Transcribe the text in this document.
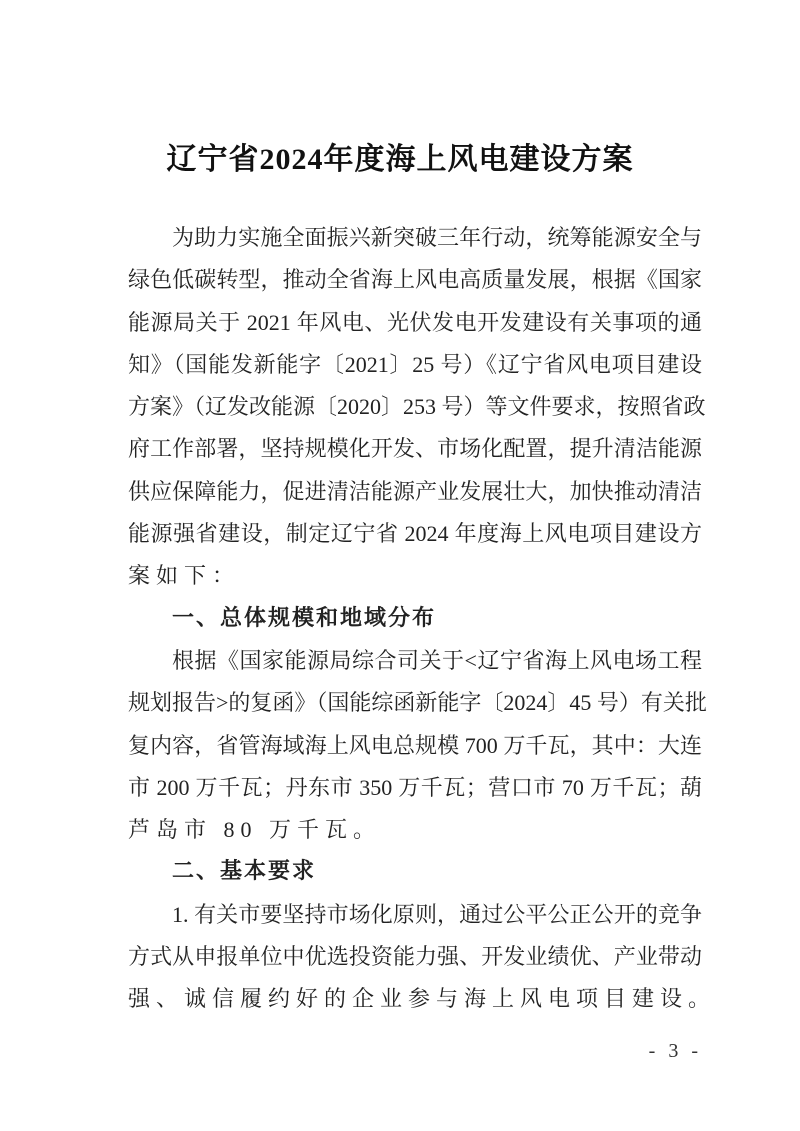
辽宁省2024年度海上风电建设方案
为助力实施全面振兴新突破三年行动，统筹能源安全与
绿色低碳转型，推动全省海上风电高质量发展，根据《国家
能源局关于 2021 年风电、光伏发电开发建设有关事项的通
知》（国能发新能字〔2021〕25 号）《辽宁省风电项目建设
方案》（辽发改能源〔2020〕253 号）等文件要求，按照省政
府工作部署，坚持规模化开发、市场化配置，提升清洁能源
供应保障能力，促进清洁能源产业发展壮大，加快推动清洁
能源强省建设，制定辽宁省 2024 年度海上风电项目建设方
案如下：
一、总体规模和地域分布
根据《国家能源局综合司关于<辽宁省海上风电场工程
规划报告>的复函》（国能综函新能字〔2024〕45 号）有关批
复内容，省管海域海上风电总规模 700 万千瓦，其中：大连
市 200 万千瓦；丹东市 350 万千瓦；营口市 70 万千瓦；葫
芦岛市 80 万千瓦。
二、基本要求
1. 有关市要坚持市场化原则，通过公平公正公开的竞争
方式从申报单位中优选投资能力强、开发业绩优、产业带动
强、诚信履约好的企业参与海上风电项目建设。
- 3 -
